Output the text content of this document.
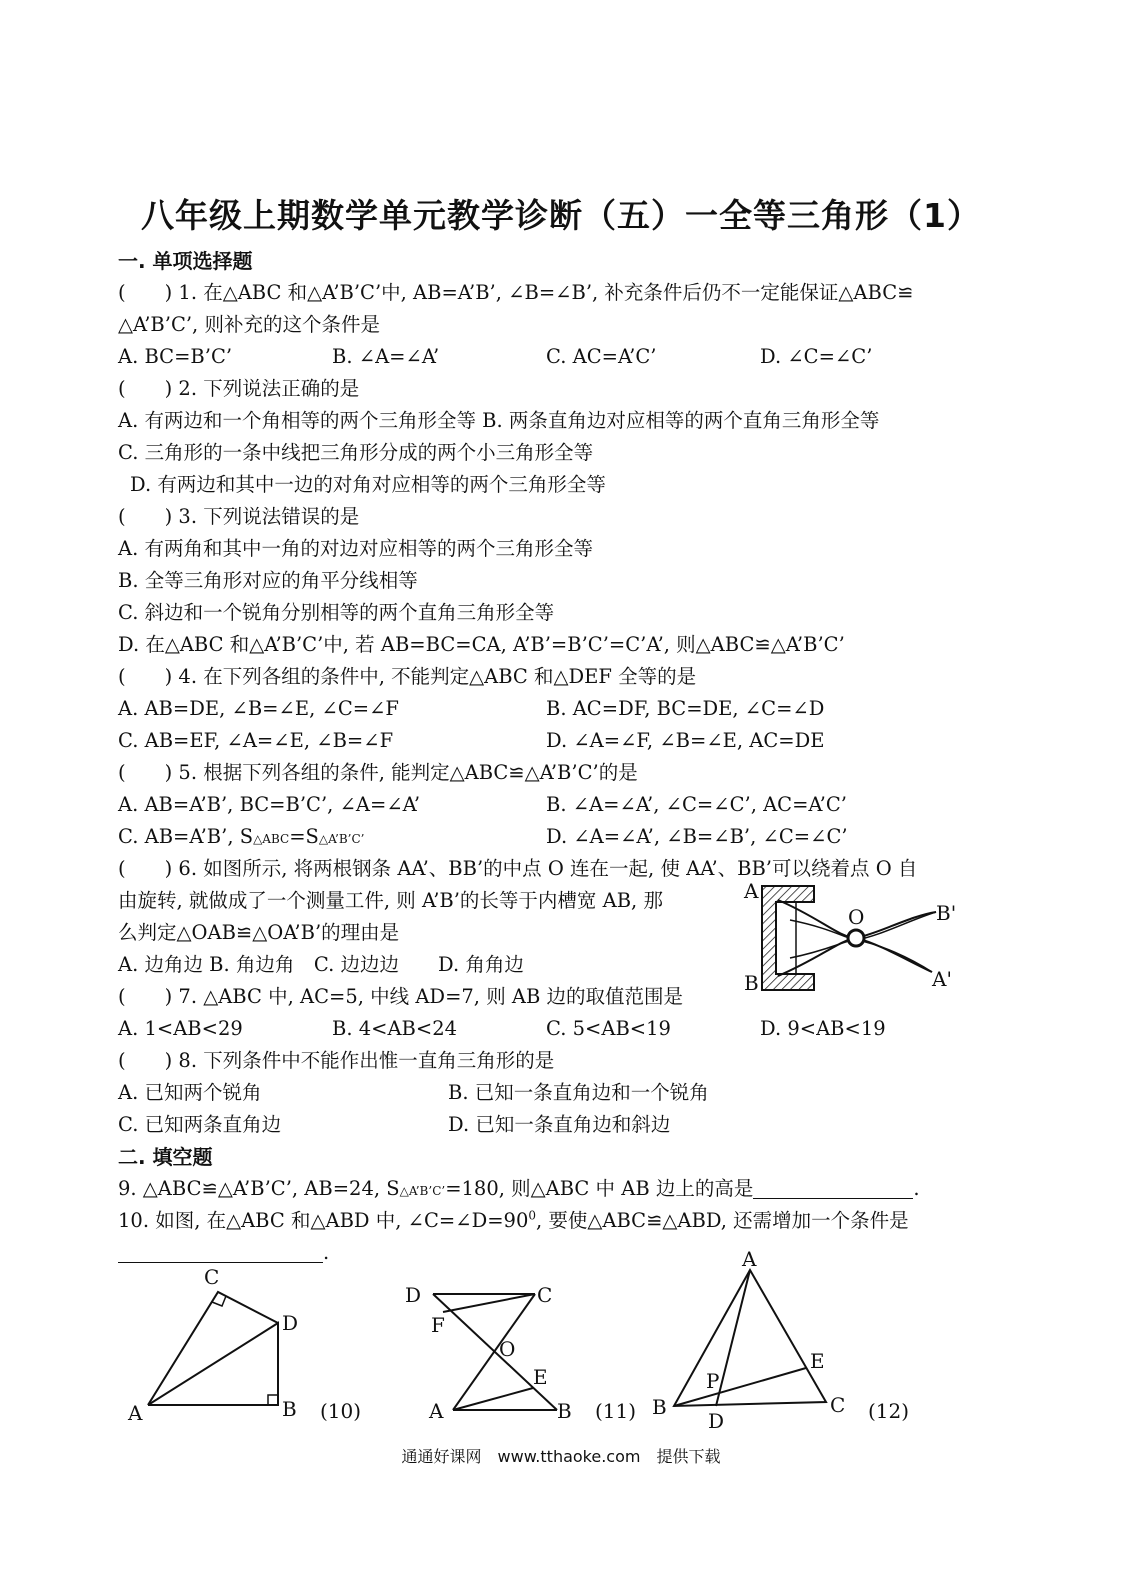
八年级上期数学单元教学诊断（五）一全等三角形（1）
一. 单项选择题
(　　) 1. 在△ABC 和△A’B’C’中, AB=A’B’, ∠B=∠B’, 补充条件后仍不一定能保证△ABC≌
△A’B’C’, 则补充的这个条件是
A. BC=B’C’	B. ∠A=∠A’	C. AC=A’C’	D. ∠C=∠C’
(　　) 2. 下列说法正确的是
A. 有两边和一个角相等的两个三角形全等 B. 两条直角边对应相等的两个直角三角形全等
C. 三角形的一条中线把三角形分成的两个小三角形全等
D. 有两边和其中一边的对角对应相等的两个三角形全等
(　　) 3. 下列说法错误的是
A. 有两角和其中一角的对边对应相等的两个三角形全等
B. 全等三角形对应的角平分线相等
C. 斜边和一个锐角分别相等的两个直角三角形全等
D. 在△ABC 和△A’B’C’中, 若 AB=BC=CA, A’B’=B’C’=C’A’, 则△ABC≌△A’B’C’
(　　) 4. 在下列各组的条件中, 不能判定△ABC 和△DEF 全等的是
A. AB=DE, ∠B=∠E, ∠C=∠F	B. AC=DF, BC=DE, ∠C=∠D
C. AB=EF, ∠A=∠E, ∠B=∠F	D. ∠A=∠F, ∠B=∠E, AC=DE
(　　) 5. 根据下列各组的条件, 能判定△ABC≌△A’B’C’的是
A. AB=A’B’, BC=B’C’, ∠A=∠A’	B. ∠A=∠A’, ∠C=∠C’, AC=A’C’
C. AB=A’B’, S△ABC=S△A’B’C’	D. ∠A=∠A’, ∠B=∠B’, ∠C=∠C’
(　　) 6. 如图所示, 将两根钢条 AA’、BB’的中点 O 连在一起, 使 AA’、BB’可以绕着点 O 自
由旋转, 就做成了一个测量工件, 则 A’B’的长等于内槽宽 AB, 那
么判定△OAB≌△OA’B’的理由是
A. 边角边 B. 角边角　C. 边边边　　D. 角角边
(　　) 7. △ABC 中, AC=5, 中线 AD=7, 则 AB 边的取值范围是
A. 1<AB<29	B. 4<AB<24	C. 5<AB<19	D. 9<AB<19
(　　) 8. 下列条件中不能作出惟一直角三角形的是
A. 已知两个锐角	B. 已知一条直角边和一个锐角
C. 已知两条直角边	D. 已知一条直角边和斜边
二. 填空题
9. △ABC≌△A’B’C’, AB=24, S△A’B’C’=180, 则△ABC 中 AB 边上的高是	.
10. 如图, 在△ABC 和△ABD 中, $\angle C=\angle D=90^0$, 要使△ABC≌△ABD, 还需增加一个条件是
.
A
B
O	B'
A'
C
D
A	B (10)
D	C
F
O
E
A	B (11)
A
E
P
B
D
C (12)
通通好课网　www.tthaoke.com　提供下载
